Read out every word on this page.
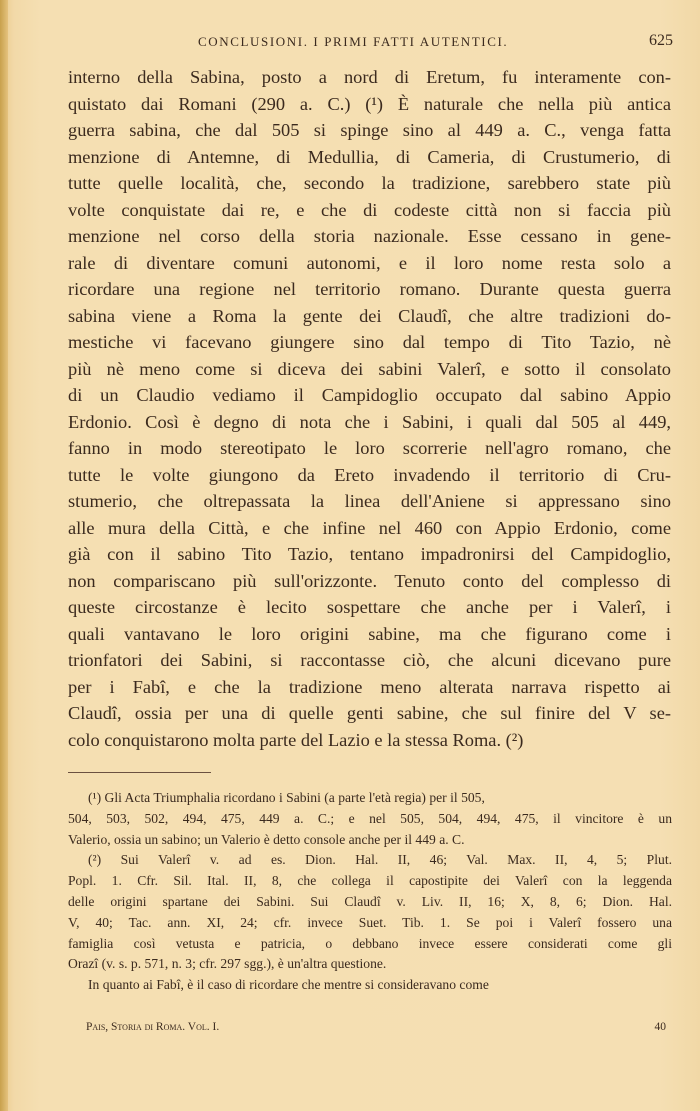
CONCLUSIONI. I PRIMI FATTI AUTENTICI.	625
interno della Sabina, posto a nord di Eretum, fu interamente con-
quistato dai Romani (290 a. C.) (¹) È naturale che nella più antica
guerra sabina, che dal 505 si spinge sino al 449 a. C., venga fatta
menzione di Antemne, di Medullia, di Cameria, di Crustumerio, di
tutte quelle località, che, secondo la tradizione, sarebbero state più
volte conquistate dai re, e che di codeste città non si faccia più
menzione nel corso della storia nazionale. Esse cessano in gene-
rale di diventare comuni autonomi, e il loro nome resta solo a
ricordare una regione nel territorio romano. Durante questa guerra
sabina viene a Roma la gente dei Claudî, che altre tradizioni do-
mestiche vi facevano giungere sino dal tempo di Tito Tazio, nè
più nè meno come si diceva dei sabini Valerî, e sotto il consolato
di un Claudio vediamo il Campidoglio occupato dal sabino Appio
Erdonio. Così è degno di nota che i Sabini, i quali dal 505 al 449,
fanno in modo stereotipato le loro scorrerie nell'agro romano, che
tutte le volte giungono da Ereto invadendo il territorio di Cru-
stumerio, che oltrepassata la linea dell'Aniene si appressano sino
alle mura della Città, e che infine nel 460 con Appio Erdonio, come
già con il sabino Tito Tazio, tentano impadronirsi del Campidoglio,
non compariscano più sull'orizzonte. Tenuto conto del complesso di
queste circostanze è lecito sospettare che anche per i Valerî, i
quali vantavano le loro origini sabine, ma che figurano come i
trionfatori dei Sabini, si raccontasse ciò, che alcuni dicevano pure
per i Fabî, e che la tradizione meno alterata narrava rispetto ai
Claudî, ossia per una di quelle genti sabine, che sul finire del V se-
colo conquistarono molta parte del Lazio e la stessa Roma. (²)
(¹) Gli Acta Triumphalia ricordano i Sabini (a parte l'età regia) per il 505,
504, 503, 502, 494, 475, 449 a. C.; e nel 505, 504, 494, 475, il vincitore è un
Valerio, ossia un sabino; un Valerio è detto console anche per il 449 a. C.
(²) Sui Valerî v. ad es. Dion. Hal. II, 46; Val. Max. II, 4, 5; Plut.
Popl. 1. Cfr. Sil. Ital. II, 8, che collega il capostipite dei Valerî con la leggenda
delle origini spartane dei Sabini. Sui Claudî v. Liv. II, 16; X, 8, 6; Dion. Hal.
V, 40; Tac. ann. XI, 24; cfr. invece Suet. Tib. 1. Se poi i Valerî fossero una
famiglia così vetusta e patricia, o debbano invece essere considerati come gli
Orazî (v. s. p. 571, n. 3; cfr. 297 sgg.), è un'altra questione.
In quanto ai Fabî, è il caso di ricordare che mentre si consideravano come
Pais, Storia di Roma. Vol. I.	40
